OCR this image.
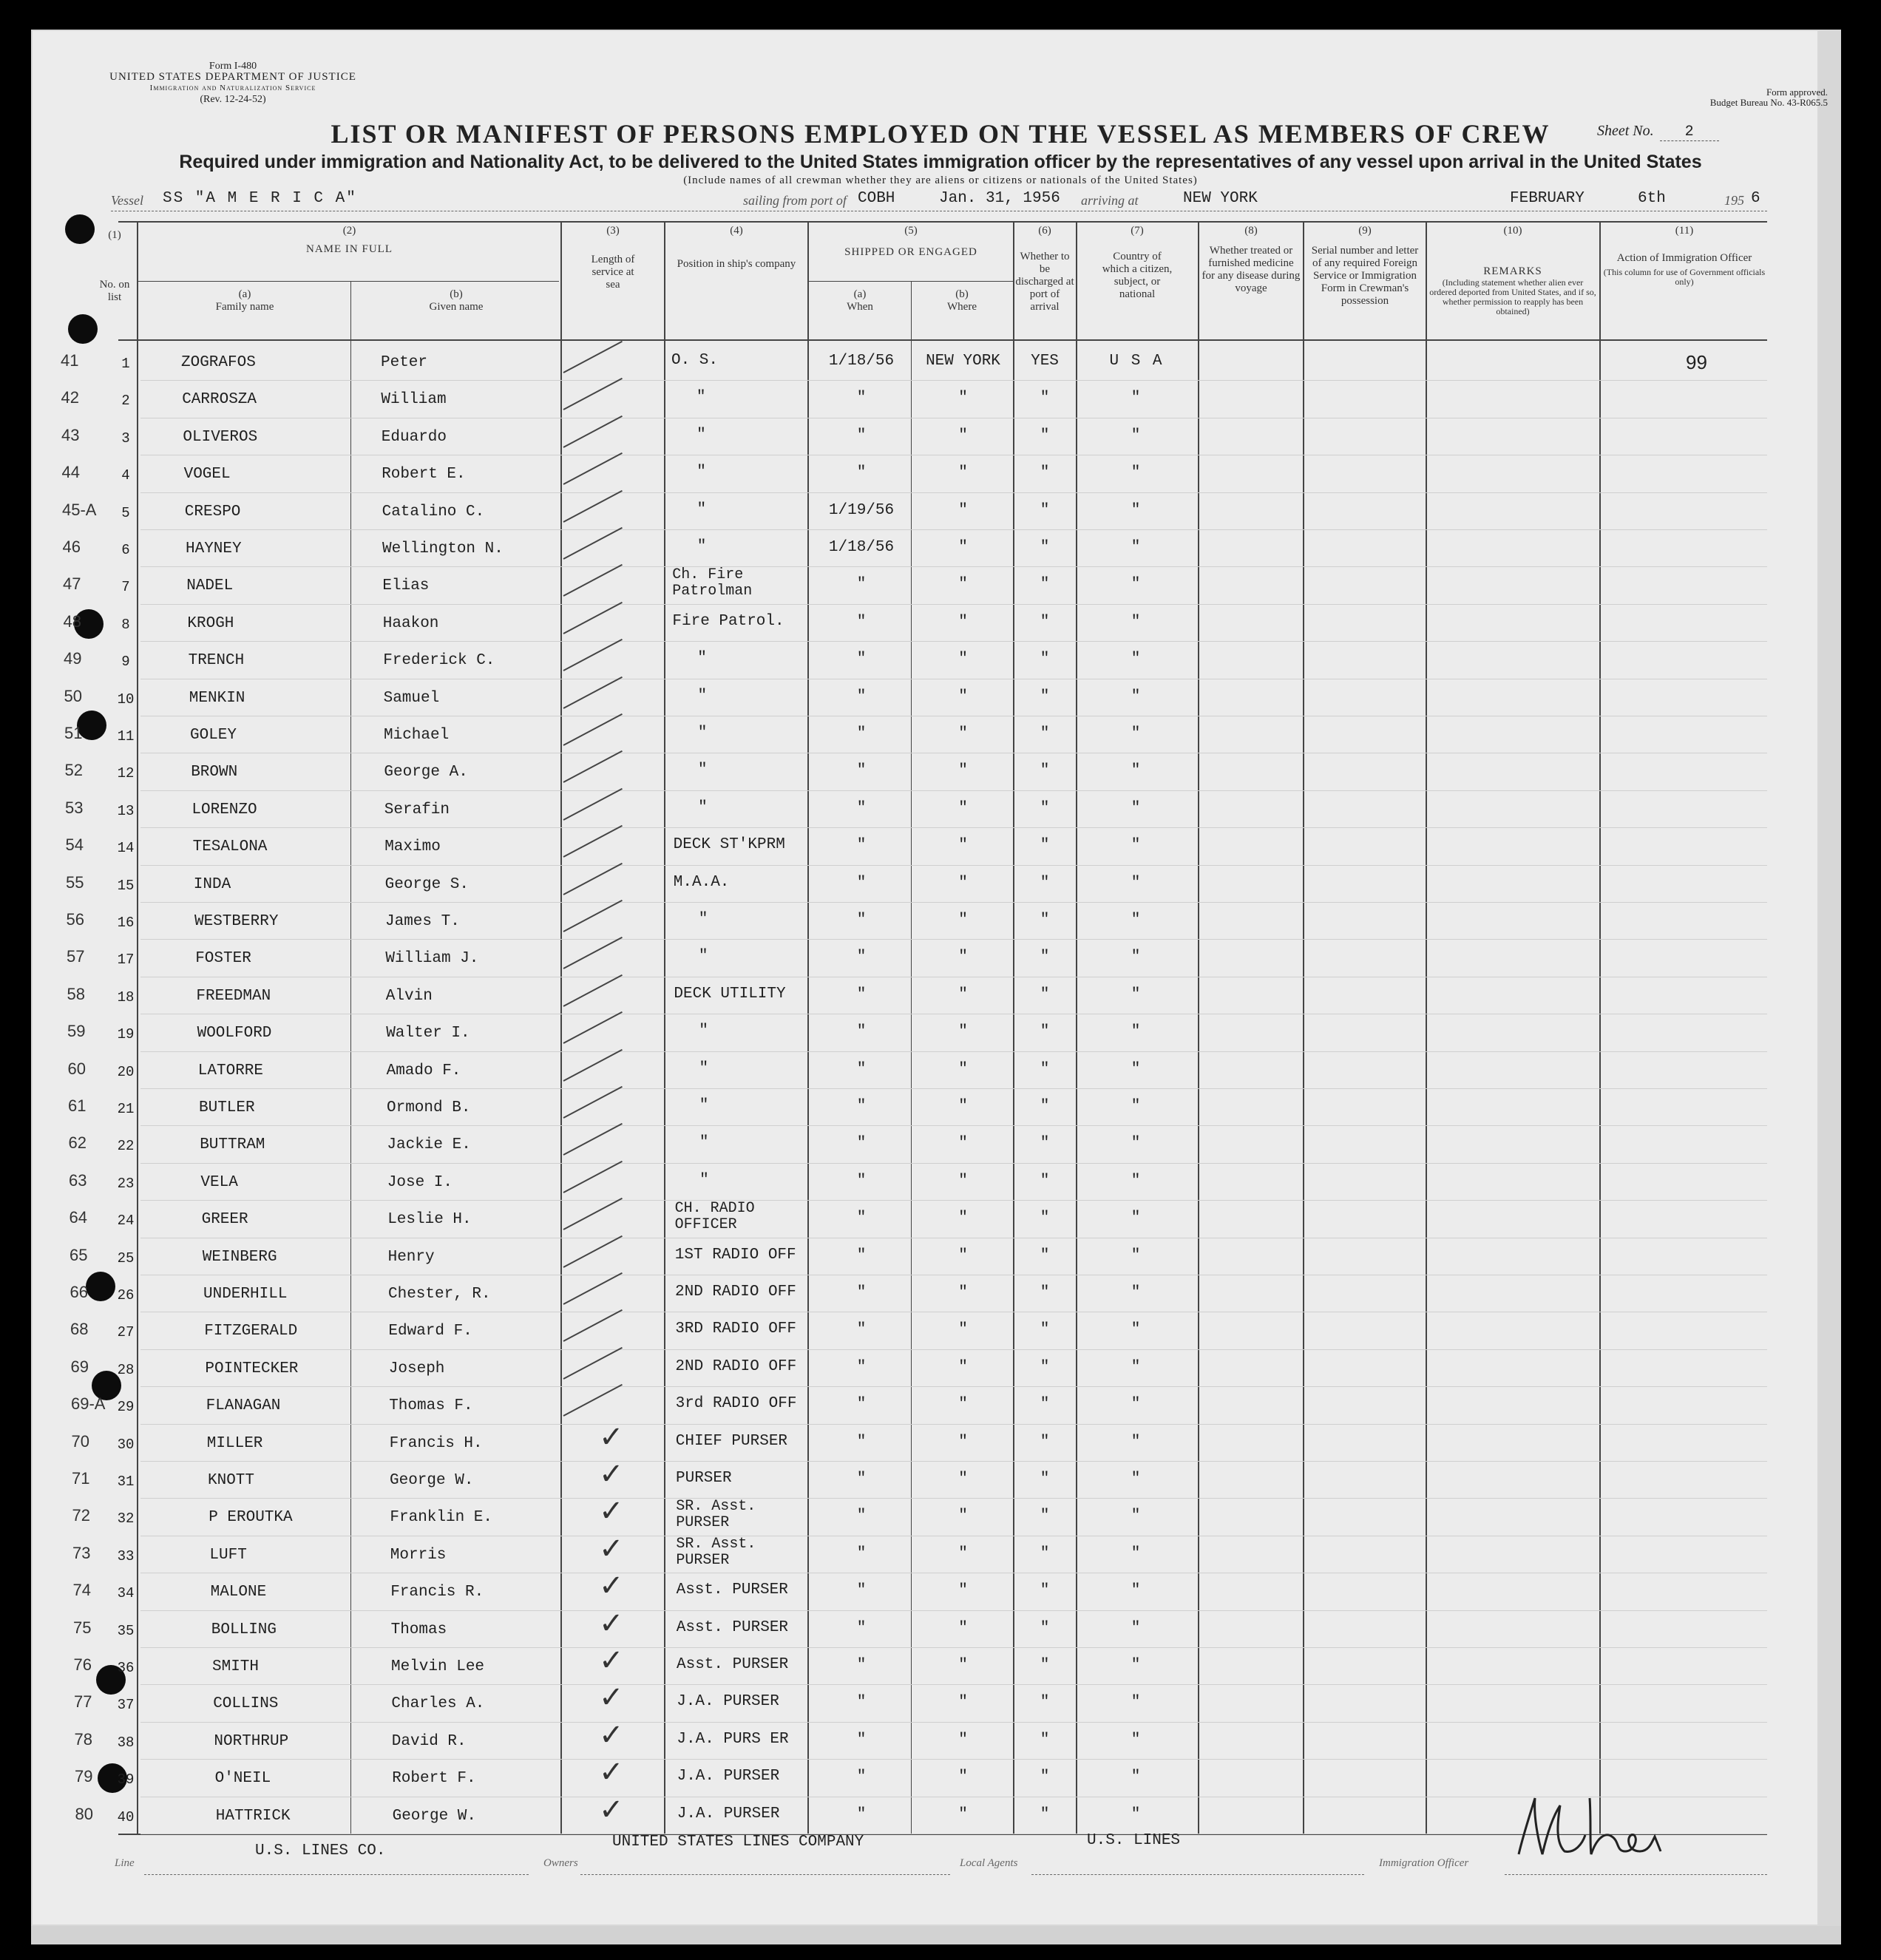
Form I-480
UNITED STATES DEPARTMENT OF JUSTICE
Immigration and Naturalization Service
(Rev. 12-24-52)
Form approved.
Budget Bureau No. 43-R065.5
Sheet No. 2
LIST OR MANIFEST OF PERSONS EMPLOYED ON THE VESSEL AS MEMBERS OF CREW
Required under immigration and Nationality Act, to be delivered to the United States immigration officer by the representatives of any vessel upon arrival in the United States
(Include names of all crewman whether they are aliens or citizens or nationals of the United States)
Vessel SS "A M E R I C A"	sailing from port of COBH	Jan. 31, 1956 arriving at	NEW YORK	FEBRUARY	6th	195 6
(1)
No. on list
(2)
NAME IN FULL
(a)
Family name
(b)
Given name
(3)
Length of service at sea
(4)
Position in ship's company
(5)
SHIPPED OR ENGAGED
(a)
When
(b)
Where
(6)
Whether to be discharged at port of arrival
(7)
Country of which a citizen, subject, or national
(8)
Whether treated or furnished medicine for any disease during voyage
(9)
Serial number and letter of any required Foreign Service or Immigration Form in Crewman's possession
(10)
REMARKS
(Including statement whether alien ever ordered deported from United States, and if so, whether permission to reapply has been obtained)
(11)
Action of Immigration Officer
(This column for use of Government officials only)
41	1	ZOGRAFOS	Peter	O. S.	1/18/56	NEW YORK	YES	U S A	99
42	2	CARROSZA	William	"	"	"	"	"
43	3	OLIVEROS	Eduardo	"	"	"	"	"
44	4	VOGEL	Robert E.	"	"	"	"	"
45-A	5	CRESPO	Catalino C.	"	1/19/56	"	"	"
46	6	HAYNEY	Wellington N.	"	1/18/56	"	"	"
47	7	NADEL	Elias
Ch. Fire Patrolman	"	"	"	"
48	8	KROGH	Haakon	Fire Patrol.	"	"	"	"
49	9	TRENCH	Frederick C.	"	"	"	"	"
50	10	MENKIN	Samuel	"	"	"	"	"
51 11	GOLEY	Michael	"	"	"	"	"
52 12	BROWN	George A.	"	"	"	"	"
53 13	LORENZO	Serafin	"	"	"	"	"
54 14	TESALONA	Maximo	DECK ST'KPRM	"	"	"	"
55 15	INDA	George S.	M.A.A.	"	"	"	"
56 16	WESTBERRY	James T.	"	"	"	"	"
57 17	FOSTER	William J.	"	"	"	"	"
58 18	FREEDMAN	Alvin	DECK UTILITY	"	"	"	"
59 19	WOOLFORD	Walter I.	"	"	"	"	"
60 20	LATORRE	Amado F.	"	"	"	"	"
61 21	BUTLER	Ormond B.	"	"	"	"	"
62 22	BUTTRAM	Jackie E.	"	"	"	"	"
63 23	VELA	Jose I.	"	"	"	"	"
64 24	GREER	Leslie H.
CH. RADIO OFFICER	"	"	"	"
65 25	WEINBERG	Henry	1ST RADIO OFF	"	"	"	"
66 26	UNDERHILL	Chester, R.	2ND RADIO OFF	"	"	"	"
68 27	FITZGERALD	Edward F.	3RD RADIO OFF	"	"	"	"
69 28	POINTECKER	Joseph	2ND RADIO OFF	"	"	"	"
69-A 29	FLANAGAN	Thomas F.	3rd RADIO OFF	"	"	"	"
70 30	MILLER	Francis H.	✓	CHIEF PURSER	"	"	"	"
71 31	KNOTT	George W.	✓	PURSER	"	"	"	"
72 32	P EROUTKA	Franklin E.	✓	SR. Asst. PURSER	"	"	"	"
73 33	LUFT	Morris	✓	SR. Asst. PURSER	"	"	"	"
74 34	MALONE	Francis R.	✓	Asst. PURSER	"	"	"	"
75 35	BOLLING	Thomas	✓	Asst. PURSER	"	"	"	"
76 36	SMITH	Melvin Lee	✓	Asst. PURSER	"	"	"	"
77 37	COLLINS	Charles A.	✓	J.A. PURSER	"	"	"	"
78 38	NORTHRUP	David R.	✓	J.A. PURS ER	"	"	"	"
79 39	O'NEIL	Robert F.	✓	J.A. PURSER	"	"	"	"
80 40	HATTRICK	George W.	✓	J.A. PURSER	"	"	"	"
Line
U.S. LINES CO.
Owners
UNITED STATES LINES COMPANY
Local Agents
U.S. LINES
Immigration Officer
